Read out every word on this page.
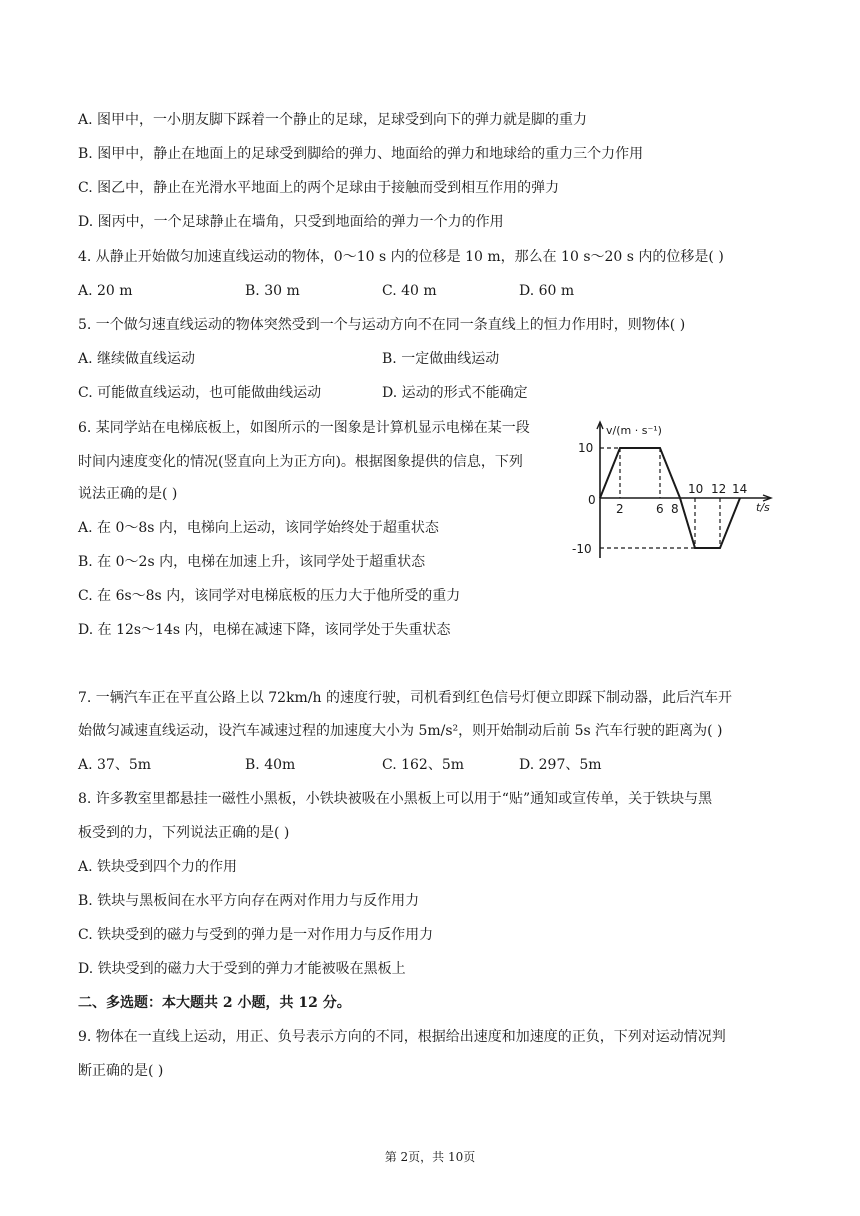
A. 图甲中，一小朋友脚下踩着一个静止的足球，足球受到向下的弹力就是脚的重力
B. 图甲中，静止在地面上的足球受到脚给的弹力、地面给的弹力和地球给的重力三个力作用
C. 图乙中，静止在光滑水平地面上的两个足球由于接触而受到相互作用的弹力
D. 图丙中，一个足球静止在墙角，只受到地面给的弹力一个力的作用
4. 从静止开始做匀加速直线运动的物体，0～10 s 内的位移是 10 m，那么在 10 s～20 s 内的位移是( )
A. 20 m	B. 30 m	C. 40 m	D. 60 m
5. 一个做匀速直线运动的物体突然受到一个与运动方向不在同一条直线上的恒力作用时，则物体( )
A. 继续做直线运动	B. 一定做曲线运动
C. 可能做直线运动，也可能做曲线运动	D. 运动的形式不能确定
6. 某同学站在电梯底板上，如图所示的一图象是计算机显示电梯在某一段
时间内速度变化的情况(竖直向上为正方向)。根据图象提供的信息，下列
说法正确的是( )
A. 在 0～8s 内，电梯向上运动，该同学始终处于超重状态
B. 在 0～2s 内，电梯在加速上升，该同学处于超重状态
C. 在 6s～8s 内，该同学对电梯底板的压力大于他所受的重力
D. 在 12s～14s 内，电梯在减速下降，该同学处于失重状态
v/(m · s⁻¹)
t/s
10
0
-10
2	6 8
10 12 14
7. 一辆汽车正在平直公路上以 72km/h 的速度行驶，司机看到红色信号灯便立即踩下制动器，此后汽车开
始做匀减速直线运动，设汽车减速过程的加速度大小为 5m/s²，则开始制动后前 5s 汽车行驶的距离为( )
A. 37、5m	B. 40m	C. 162、5m	D. 297、5m
8. 许多教室里都悬挂一磁性小黑板，小铁块被吸在小黑板上可以用于“贴”通知或宣传单，关于铁块与黑
板受到的力，下列说法正确的是( )
A. 铁块受到四个力的作用
B. 铁块与黑板间在水平方向存在两对作用力与反作用力
C. 铁块受到的磁力与受到的弹力是一对作用力与反作用力
D. 铁块受到的磁力大于受到的弹力才能被吸在黑板上
二、多选题：本大题共 2 小题，共 12 分。
9. 物体在一直线上运动，用正、负号表示方向的不同，根据给出速度和加速度的正负，下列对运动情况判
断正确的是( )
第 2页，共 10页
